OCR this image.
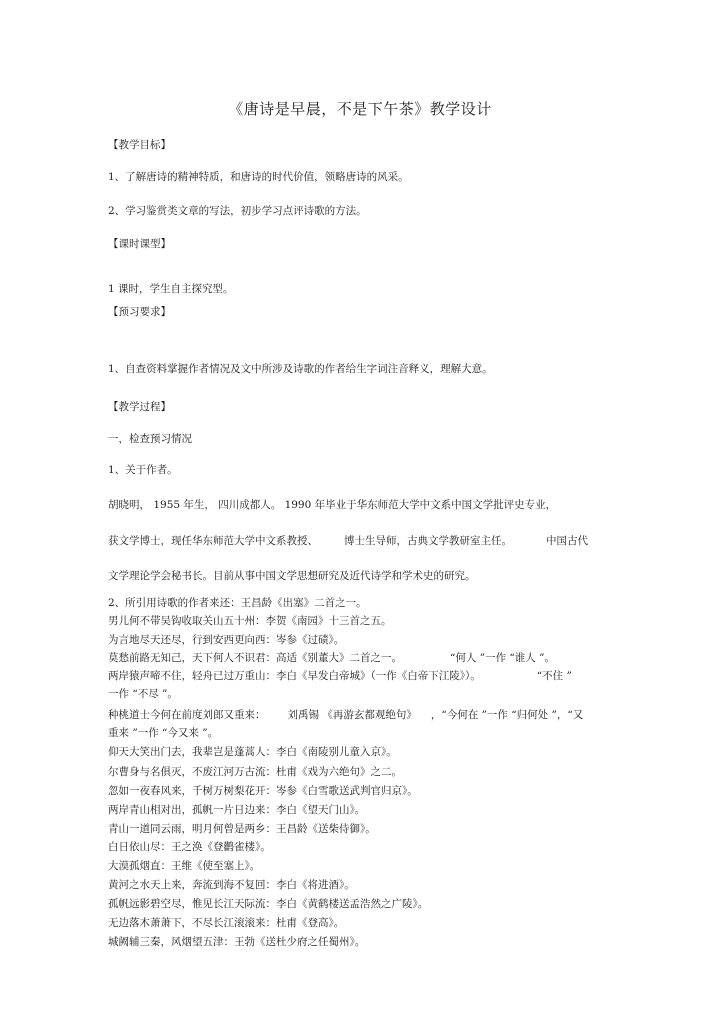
《唐诗是早晨，不是下午茶》教学设计
【教学目标】
1、了解唐诗的精神特质，和唐诗的时代价值，领略唐诗的风采。
2、学习鉴赏类文章的写法，初步学习点评诗歌的方法。
【课时课型】
1 课时，学生自主探究型。
【预习要求】
1、自查资料掌握作者情况及文中所涉及诗歌的作者给生字词注音释义，理解大意。
【教学过程】
一，检查预习情况
1、关于作者。
胡晓明， 1955 年生， 四川成都人。 1990 年毕业于华东师范大学中文系中国文学批评史专业，
获文学博士，现任华东师范大学中文系教授、 博士生导师，古典文学教研室主任。	中国古代
文学理论学会秘书长。目前从事中国文学思想研究及近代诗学和学术史的研究。
2、所引用诗歌的作者来还：王昌龄《出塞》二首之一。
男儿何不带吴钩收取关山五十州：李贺《南园》十三首之五。
为言地尽天还尽，行到安西更向西：岑参《过碛》。
莫愁前路无知己，天下何人不识君：高适《别董大》二首之一。	“何人 ”一作 “谁人 ”。
两岸猿声啼不住，轻舟已过万重山：李白《早发白帝城》（一作《白帝下江陵》）。	“不住 ”
一作 “不尽 ”。
种桃道士今何在前度刘郎又重来： 刘禹锡 《再游玄都观绝句》 ，“今何在 ”一作 “归何处 ”，“又
重来 ”一作 “今又来 ”。
仰天大笑出门去，我辈岂是蓬蒿人：李白《南陵别儿童入京》。
尔曹身与名俱灭，不废江河万古流：杜甫《戏为六绝句》之二。
忽如一夜春风来，千树万树梨花开：岑参《白雪歌送武判官归京》。
两岸青山相对出，孤帆一片日边来：李白《望天门山》。
青山一道同云雨，明月何曾是两乡：王昌龄《送柴侍御》。
白日依山尽：王之涣《登鹳雀楼》。
大漠孤烟直：王维《使至塞上》。
黄河之水天上来，奔流到海不复回：李白《将进酒》。
孤帆远影碧空尽，惟见长江天际流：李白《黄鹤楼送孟浩然之广陵》。
无边落木萧萧下，不尽长江滚滚来：杜甫《登高》。
城阙辅三秦，风烟望五津：王勃《送杜少府之任蜀州》。
